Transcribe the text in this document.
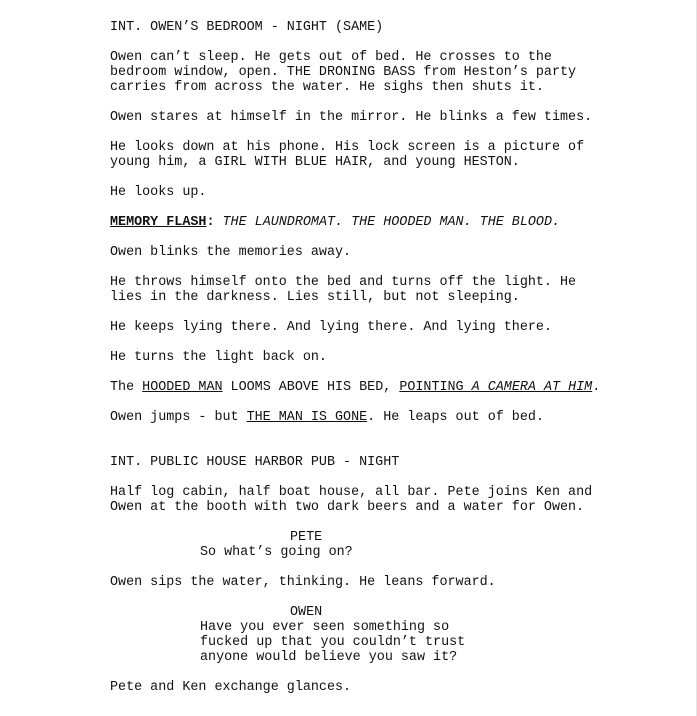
INT. OWEN’S BEDROOM - NIGHT (SAME)

Owen can’t sleep. He gets out of bed. He crosses to the
bedroom window, open. THE DRONING BASS from Heston’s party
carries from across the water. He sighs then shuts it.

Owen stares at himself in the mirror. He blinks a few times.

He looks down at his phone. His lock screen is a picture of
young him, a GIRL WITH BLUE HAIR, and young HESTON.

He looks up.

MEMORY FLASH: THE LAUNDROMAT. THE HOODED MAN. THE BLOOD.

Owen blinks the memories away.

He throws himself onto the bed and turns off the light. He
lies in the darkness. Lies still, but not sleeping.

He keeps lying there. And lying there. And lying there.

He turns the light back on.

The HOODED MAN LOOMS ABOVE HIS BED, POINTING A CAMERA AT HIM.

Owen jumps - but THE MAN IS GONE. He leaps out of bed.

INT. PUBLIC HOUSE HARBOR PUB - NIGHT

Half log cabin, half boat house, all bar. Pete joins Ken and
Owen at the booth with two dark beers and a water for Owen.

PETE

So what’s going on?

Owen sips the water, thinking. He leans forward.

OWEN

Have you ever seen something so
fucked up that you couldn’t trust
anyone would believe you saw it?

Pete and Ken exchange glances.
